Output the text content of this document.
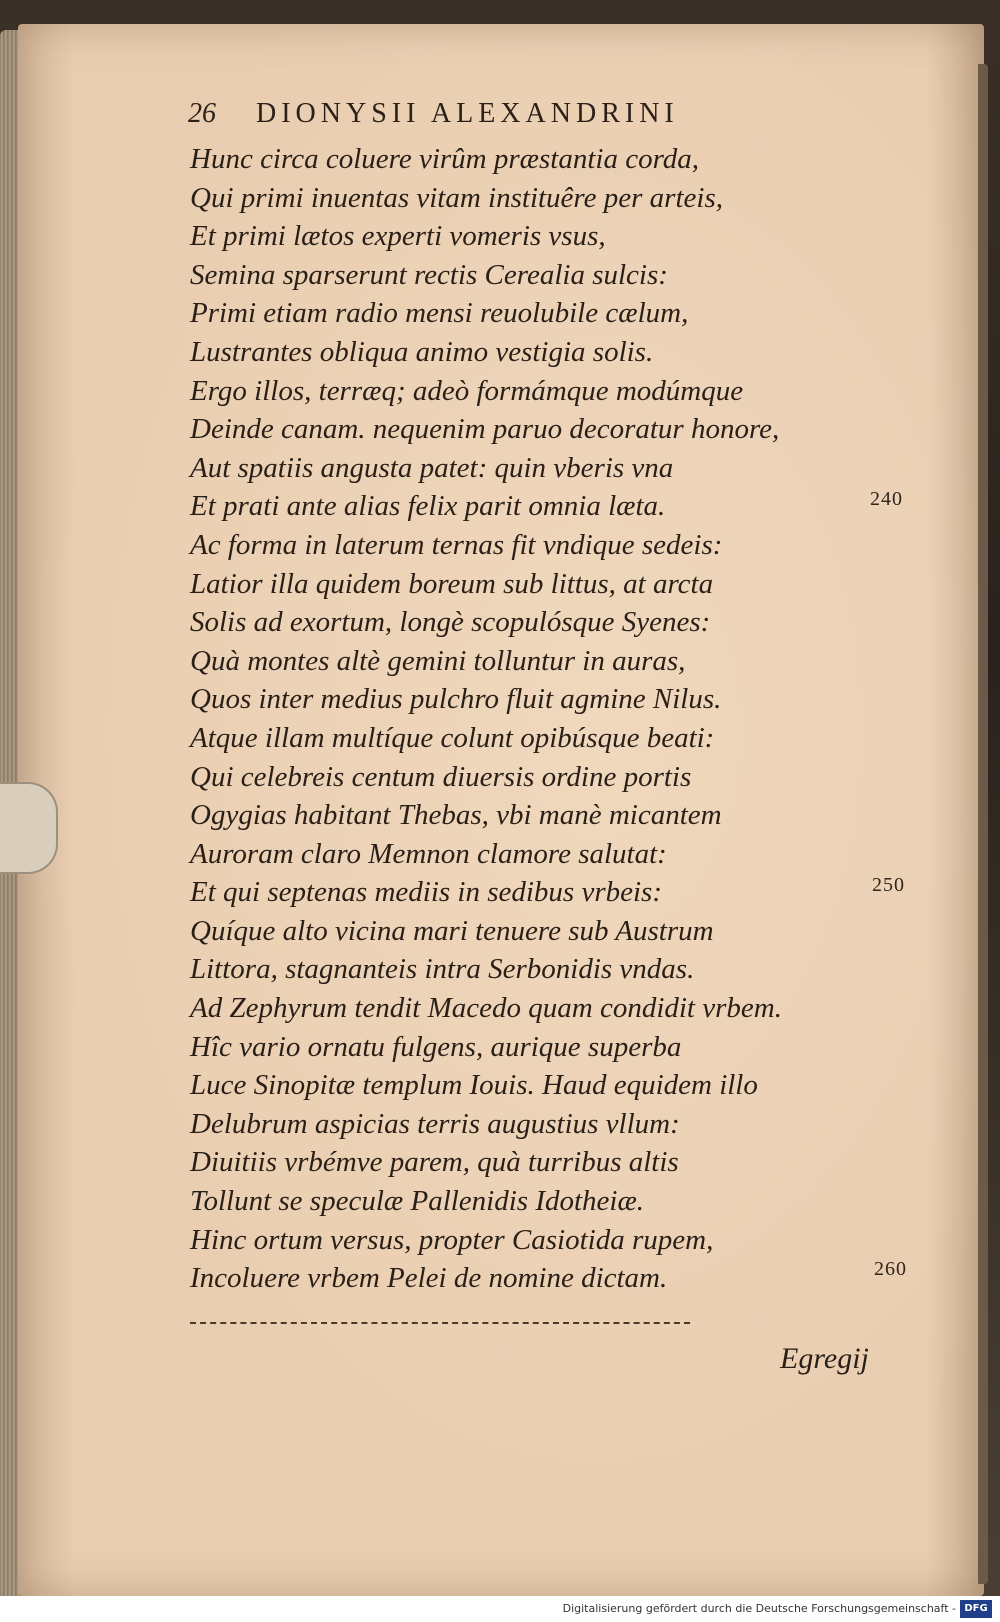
26 DIONYSII ALEXANDRINI
Hunc circa coluere virûm præstantia corda,
Qui primi inuentas vitam instituêre per arteis,
Et primi lætos experti vomeris vsus,
Semina sparserunt rectis Cerealia sulcis:
Primi etiam radio mensi reuolubile cælum,
Lustrantes obliqua animo vestigia solis.
Ergo illos, terræq; adeò formámque modúmque
Deinde canam. nequenim paruo decoratur honore,
Aut spatiis angusta patet: quin vberis vna
Et prati ante alias felix parit omnia læta.
Ac forma in laterum ternas fit vndique sedeis:
Latior illa quidem boreum sub littus, at arcta
Solis ad exortum, longè scopulósque Syenes:
Quà montes altè gemini tolluntur in auras,
Quos inter medius pulchro fluit agmine Nilus.
Atque illam multíque colunt opibúsque beati:
Qui celebreis centum diuersis ordine portis
Ogygias habitant Thebas, vbi manè micantem
Auroram claro Memnon clamore salutat:
Et qui septenas mediis in sedibus vrbeis:
Quíque alto vicina mari tenuere sub Austrum
Littora, stagnanteis intra Serbonidis vndas.
Ad Zephyrum tendit Macedo quam condidit vrbem.
Hîc vario ornatu fulgens, aurique superba
Luce Sinopitæ templum Iouis. Haud equidem illo
Delubrum aspicias terris augustius vllum:
Diuitiis vrbémve parem, quà turribus altis
Tollunt se speculæ Pallenidis Idotheiæ.
Hinc ortum versus, propter Casiotida rupem,
Incoluere vrbem Pelei de nomine dictam.
240
250
260
Egregij
Digitalisierung gefördert durch die Deutsche Forschungsgemeinschaft - DFG
